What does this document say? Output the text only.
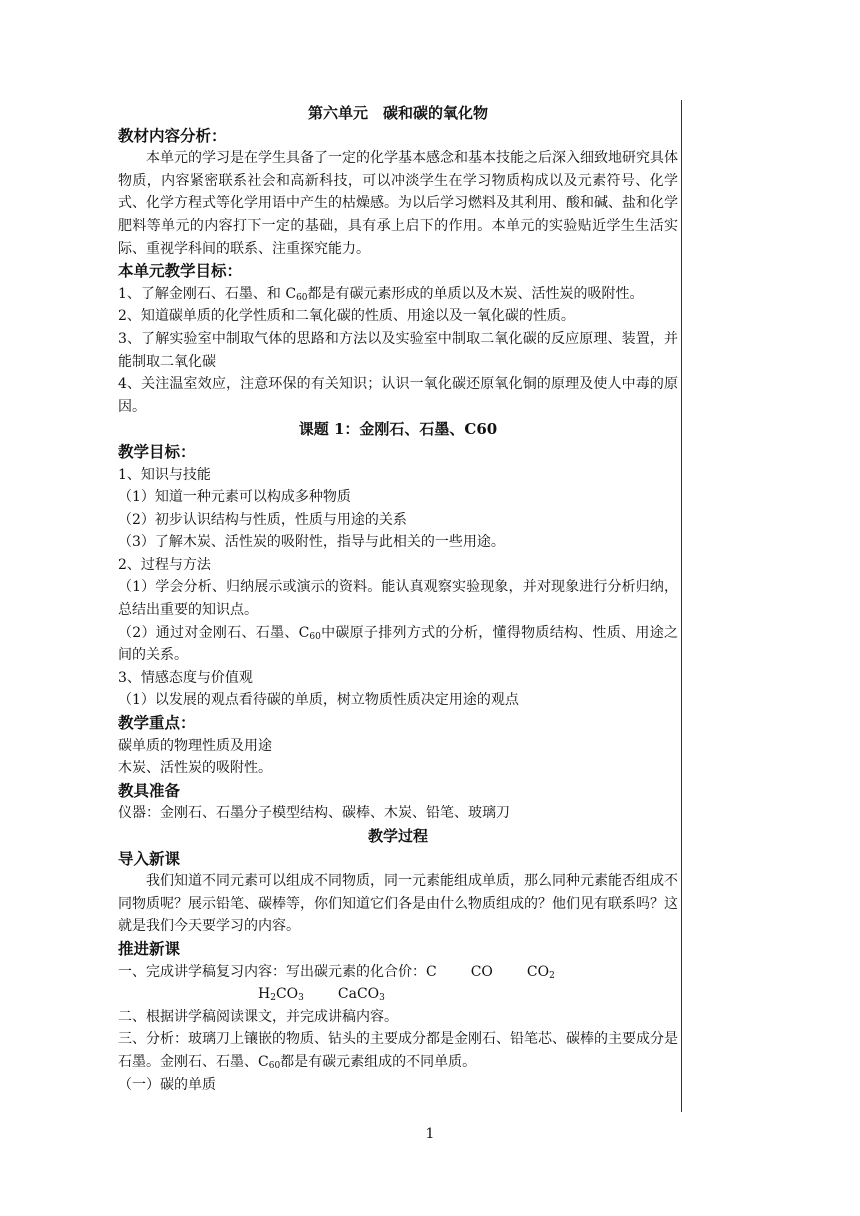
第六单元　碳和碳的氧化物

教材内容分析：

本单元的学习是在学生具备了一定的化学基本感念和基本技能之后深入细致地研究具体物质，内容紧密联系社会和高新科技，可以冲淡学生在学习物质构成以及元素符号、化学式、化学方程式等化学用语中产生的枯燥感。为以后学习燃料及其利用、酸和碱、盐和化学肥料等单元的内容打下一定的基础，具有承上启下的作用。本单元的实验贴近学生生活实际、重视学科间的联系、注重探究能力。

本单元教学目标：

1、了解金刚石、石墨、和 $C_{60}$都是有碳元素形成的单质以及木炭、活性炭的吸附性。

2、知道碳单质的化学性质和二氧化碳的性质、用途以及一氧化碳的性质。

3、了解实验室中制取气体的思路和方法以及实验室中制取二氧化碳的反应原理、装置，并能制取二氧化碳

4、关注温室效应，注意环保的有关知识；认识一氧化碳还原氧化铜的原理及使人中毒的原因。

课题 1：金刚石、石墨、C60

教学目标：

1、知识与技能

（1）知道一种元素可以构成多种物质

（2）初步认识结构与性质，性质与用途的关系

（3）了解木炭、活性炭的吸附性，指导与此相关的一些用途。

2、过程与方法

（1）学会分析、归纳展示或演示的资料。能认真观察实验现象，并对现象进行分析归纳，总结出重要的知识点。

（2）通过对金刚石、石墨、$C_{60}$中碳原子排列方式的分析，懂得物质结构、性质、用途之间的关系。

3、情感态度与价值观

（1）以发展的观点看待碳的单质，树立物质性质决定用途的观点

教学重点：

碳单质的物理性质及用途

木炭、活性炭的吸附性。

教具准备

仪器：金刚石、石墨分子模型结构、碳棒、木炭、铅笔、玻璃刀

教学过程

导入新课

我们知道不同元素可以组成不同物质，同一元素能组成单质，那么同种元素能否组成不同物质呢？展示铅笔、碳棒等，你们知道它们各是由什么物质组成的？他们见有联系吗？这就是我们今天要学习的内容。

推进新课

一、完成讲学稿复习内容：写出碳元素的化合价：C CO $CO_2$

$H_2CO_3$ CaCO$_3$

二、根据讲学稿阅读课文，并完成讲稿内容。

三、分析：玻璃刀上镶嵌的物质、钻头的主要成分都是金刚石、铅笔芯、碳棒的主要成分是石墨。金刚石、石墨、$C_{60}$都是有碳元素组成的不同单质。

（一）碳的单质

1
